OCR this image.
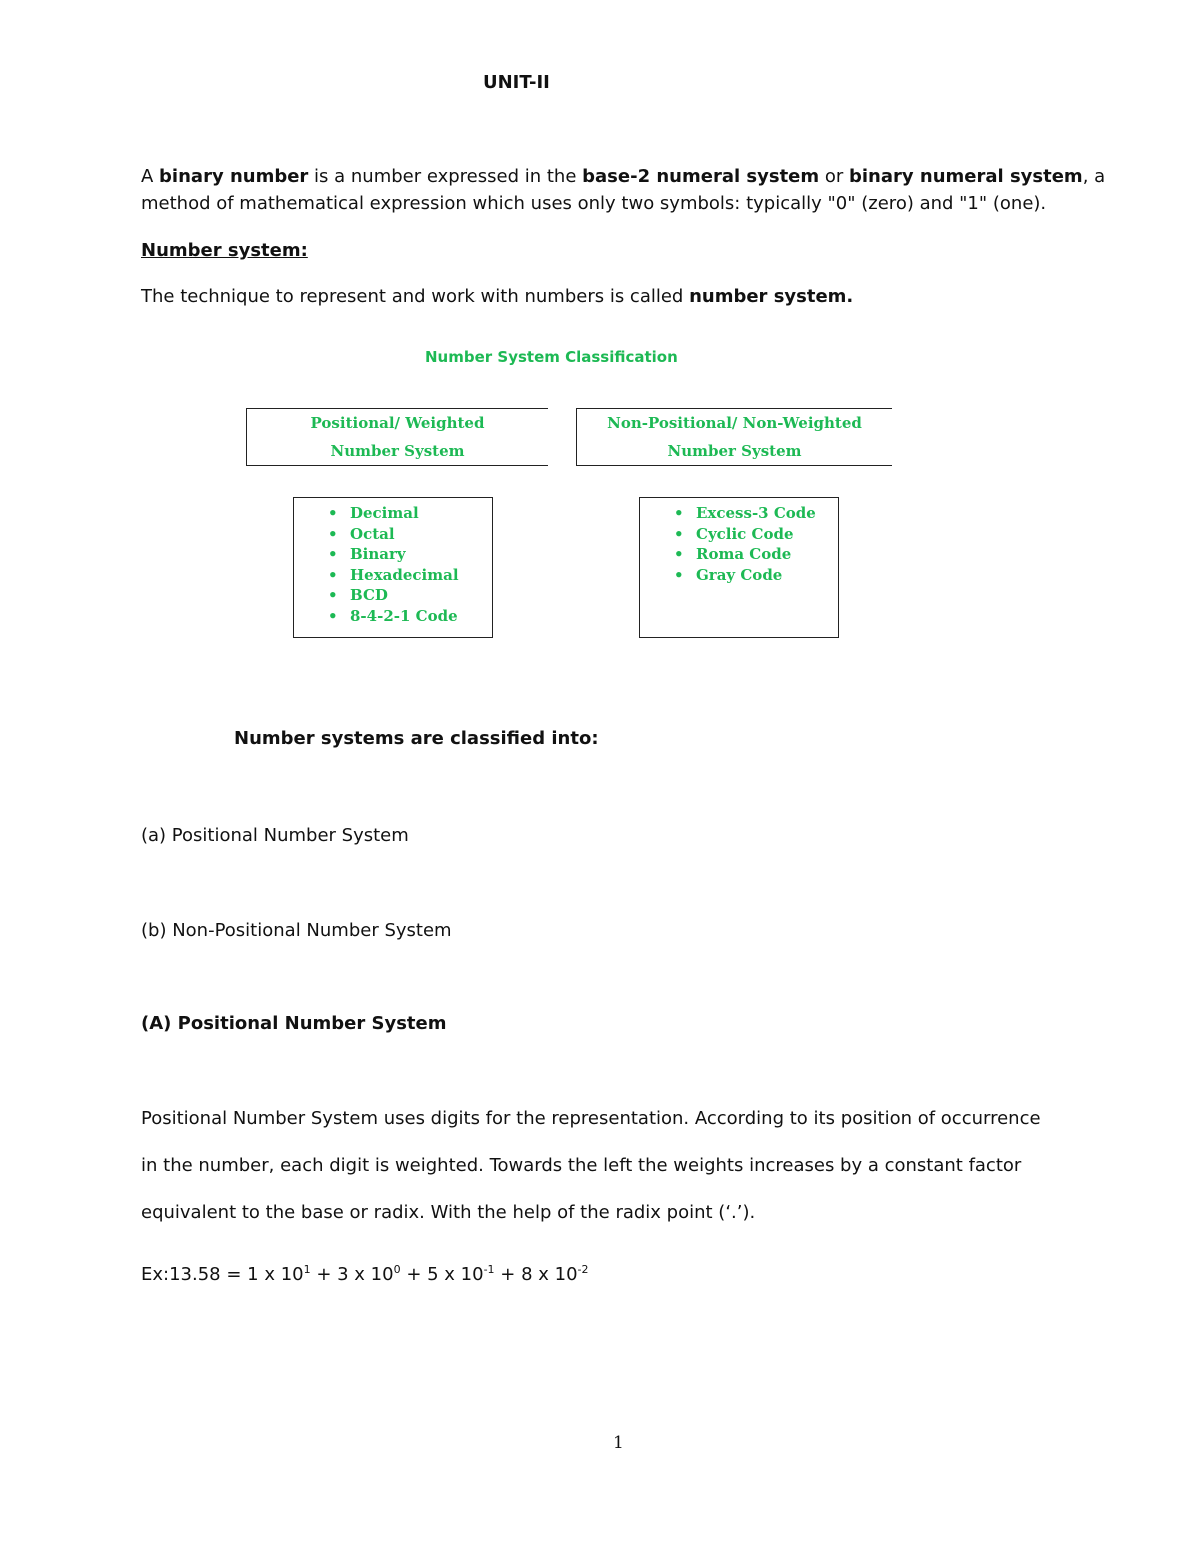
UNIT-II
A binary number is a number expressed in the base-2 numeral system or binary numeral system, a
method of mathematical expression which uses only two symbols: typically "0" (zero) and "1" (one).
Number system:
The technique to represent and work with numbers is called number system.
Number System Classification
Positional/ Weighted
Number System
Non-Positional/ Non-Weighted
Number System
• Decimal
• Octal
• Binary
• Hexadecimal
• BCD
• 8-4-2-1 Code
• Excess-3 Code
• Cyclic Code
• Roma Code
• Gray Code
Number systems are classified into:
(a) Positional Number System
(b) Non-Positional Number System
(A) Positional Number System
Positional Number System uses digits for the representation. According to its position of occurrence
in the number, each digit is weighted. Towards the left the weights increases by a constant factor
equivalent to the base or radix. With the help of the radix point (‘.’).
Ex:13.58 = 1 x $10^1 + 3$ x $10^0 + 5$ x $10^{-1} + 8$ x $10^{-2}$
1
